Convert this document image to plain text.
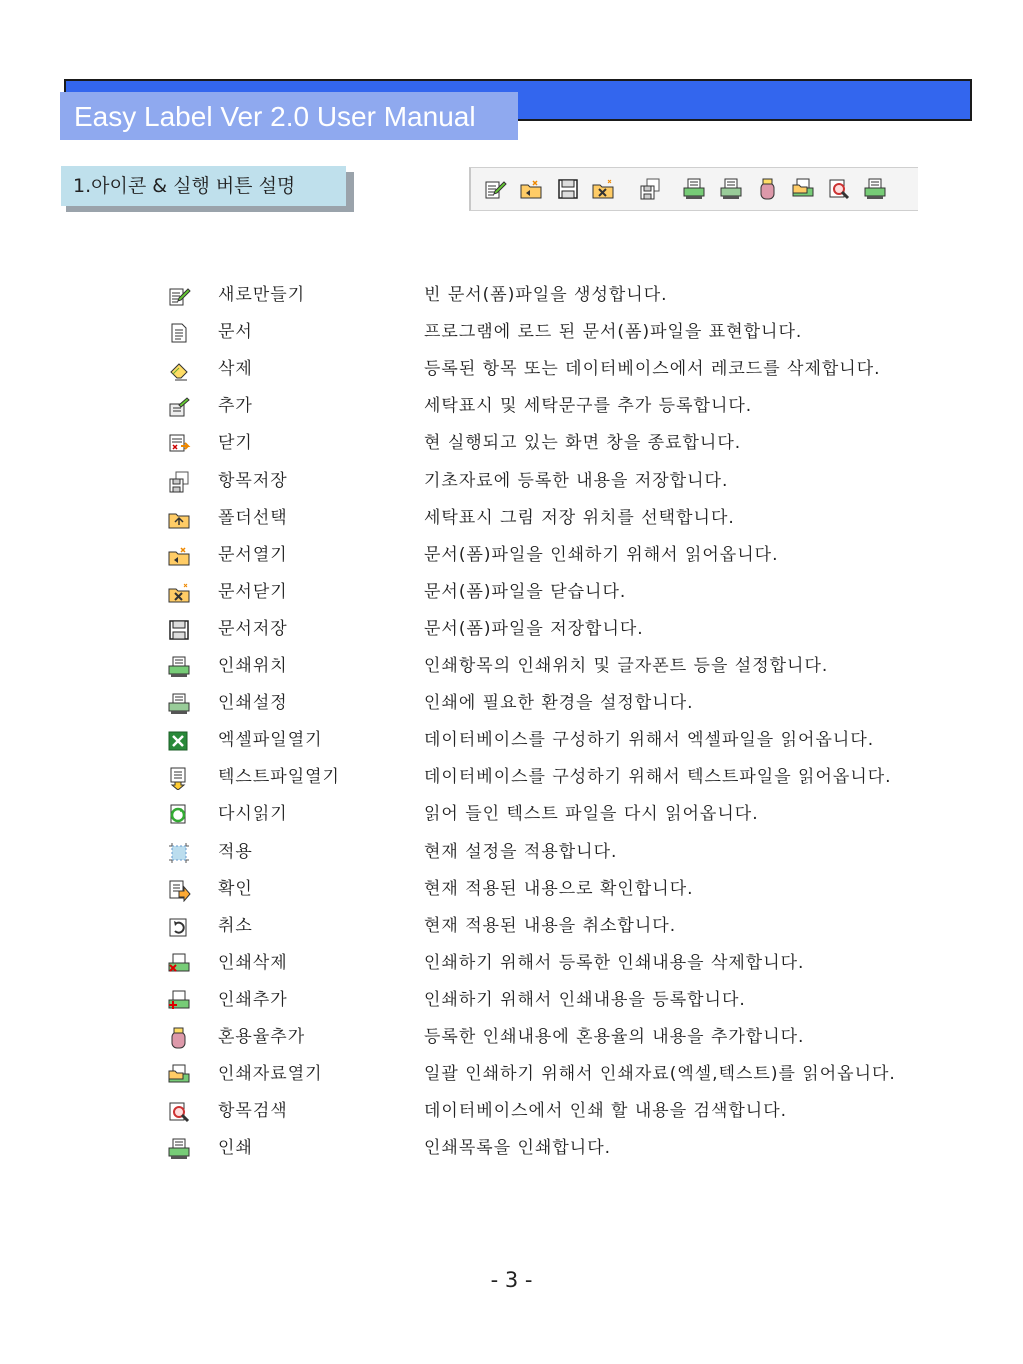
Easy Label Ver 2.0 User Manual
1.아이콘 & 실행 버튼 설명
새로만들기	빈 문서(폼)파일을 생성합니다.
문서	프로그램에 로드 된 문서(폼)파일을 표현합니다.
삭제	등록된 항목 또는 데이터베이스에서 레코드를 삭제합니다.
추가	세탁표시 및 세탁문구를 추가 등록합니다.
닫기	현 실행되고 있는 화면 창을 종료합니다.
항목저장	기초자료에 등록한 내용을 저장합니다.
폴더선택	세탁표시 그림 저장 위치를 선택합니다.
문서열기	문서(폼)파일을 인쇄하기 위해서 읽어옵니다.
문서닫기	문서(폼)파일을 닫습니다.
문서저장	문서(폼)파일을 저장합니다.
인쇄위치	인쇄항목의 인쇄위치 및 글자폰트 등을 설정합니다.
인쇄설정	인쇄에 필요한 환경을 설정합니다.
엑셀파일열기	데이터베이스를 구성하기 위해서 엑셀파일을 읽어옵니다.
텍스트파일열기	데이터베이스를 구성하기 위해서 텍스트파일을 읽어옵니다.
다시읽기	읽어 들인 텍스트 파일을 다시 읽어옵니다.
적용	현재 설정을 적용합니다.
확인	현재 적용된 내용으로 확인합니다.
취소	현재 적용된 내용을 취소합니다.
인쇄삭제	인쇄하기 위해서 등록한 인쇄내용을 삭제합니다.
인쇄추가	인쇄하기 위해서 인쇄내용을 등록합니다.
혼용율추가	등록한 인쇄내용에 혼용율의 내용을 추가합니다.
인쇄자료열기	일괄 인쇄하기 위해서 인쇄자료(엑셀,텍스트)를 읽어옵니다.
항목검색	데이터베이스에서 인쇄 할 내용을 검색합니다.
인쇄	인쇄목록을 인쇄합니다.
- 3 -
